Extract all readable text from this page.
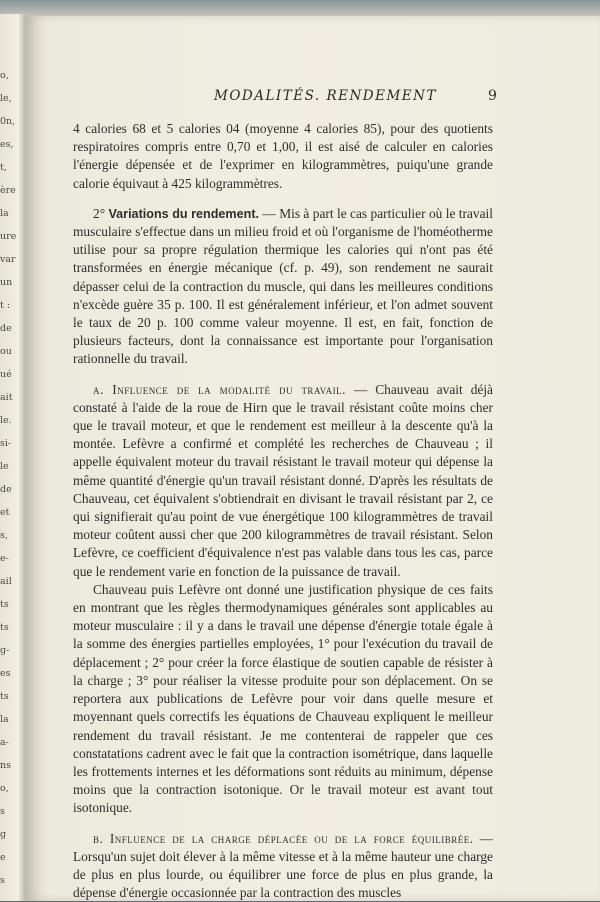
o,
le,
0n,
es,
t,
ère
la
ure
var
un
t :
de
ou
ué
ait
le.
si-
le
de
et
s,
e-
ail
ts
ts
g-
es
ts
la
a-
ns
o,
s
g
e
s
MODALITÉS. RENDEMENT	9

4 calories 68 et 5 calories 04 (moyenne 4 calories 85), pour des quotients respiratoires compris entre 0,70 et 1,00, il est aisé de calculer en calories l'énergie dépensée et de l'exprimer en kilogrammètres, puiqu'une grande calorie équivaut à 425 kilogrammètres.

2° Variations du rendement. — Mis à part le cas particulier où le travail musculaire s'effectue dans un milieu froid et où l'organisme de l'homéotherme utilise pour sa propre régulation thermique les calories qui n'ont pas été transformées en énergie mécanique (cf. p. 49), son rendement ne saurait dépasser celui de la contraction du muscle, qui dans les meilleures conditions n'excède guère 35 p. 100. Il est généralement inférieur, et l'on admet souvent le taux de 20 p. 100 comme valeur moyenne. Il est, en fait, fonction de plusieurs facteurs, dont la connaissance est importante pour l'organisation rationnelle du travail.

α. Influence de la modalité du travail. — Chauveau avait déjà constaté à l'aide de la roue de Hirn que le travail résistant coûte moins cher que le travail moteur, et que le rendement est meilleur à la descente qu'à la montée. Lefèvre a confirmé et complété les recherches de Chauveau ; il appelle équivalent moteur du travail résistant le travail moteur qui dépense la même quantité d'énergie qu'un travail résistant donné. D'après les résultats de Chauveau, cet équivalent s'obtiendrait en divisant le travail résistant par 2, ce qui signifierait qu'au point de vue énergétique 100 kilogrammètres de travail moteur coûtent aussi cher que 200 kilogrammètres de travail résistant. Selon Lefèvre, ce coefficient d'équivalence n'est pas valable dans tous les cas, parce que le rendement varie en fonction de la puissance de travail.

Chauveau puis Lefèvre ont donné une justification physique de ces faits en montrant que les règles thermodynamiques générales sont applicables au moteur musculaire : il y a dans le travail une dépense d'énergie totale égale à la somme des énergies partielles employées, 1° pour l'exécution du travail de déplacement ; 2° pour créer la force élastique de soutien capable de résister à la charge ; 3° pour réaliser la vitesse produite pour son déplacement. On se reportera aux publications de Lefèvre pour voir dans quelle mesure et moyennant quels correctifs les équations de Chauveau expliquent le meilleur rendement du travail résistant. Je me contenterai de rappeler que ces constatations cadrent avec le fait que la contraction isométrique, dans laquelle les frottements internes et les déformations sont réduits au minimum, dépense moins que la contraction isotonique. Or le travail moteur est avant tout isotonique.

β. Influence de la charge déplacée ou de la force équilibrée. — Lorsqu'un sujet doit élever à la même vitesse et à la même hauteur une charge de plus en plus lourde, ou équilibrer une force de plus en plus grande, la dépense d'énergie occasionnée par la contraction des muscles
